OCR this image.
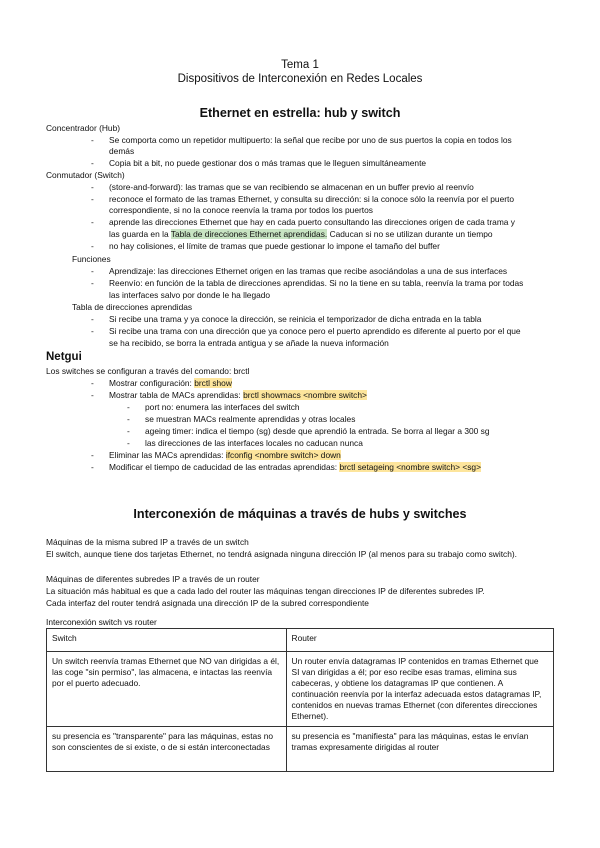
Tema 1
Dispositivos de Interconexión en Redes Locales
Ethernet en estrella: hub y switch
Concentrador (Hub)
- Se comporta como un repetidor multipuerto: la señal que recibe por uno de sus puertos la copia en todos los
demás
- Copia bit a bit, no puede gestionar dos o más tramas que le lleguen simultáneamente
Conmutador (Switch)
- (store-and-forward): las tramas que se van recibiendo se almacenan en un buffer previo al reenvío
- reconoce el formato de las tramas Ethernet, y consulta su dirección: si la conoce sólo la reenvía por el puerto
correspondiente, si no la conoce reenvía la trama por todos los puertos
- aprende las direcciones Ethernet que hay en cada puerto consultando las direcciones origen de cada trama y
las guarda en la Tabla de direcciones Ethernet aprendidas. Caducan si no se utilizan durante un tiempo
- no hay colisiones, el límite de tramas que puede gestionar lo impone el tamaño del buffer
Funciones
- Aprendizaje: las direcciones Ethernet origen en las tramas que recibe asociándolas a una de sus interfaces
- Reenvío: en función de la tabla de direcciones aprendidas. Si no la tiene en su tabla, reenvía la trama por todas
las interfaces salvo por donde le ha llegado
Tabla de direcciones aprendidas
- Si recibe una trama y ya conoce la dirección, se reinicia el temporizador de dicha entrada en la tabla
- Si recibe una trama con una dirección que ya conoce pero el puerto aprendido es diferente al puerto por el que
se ha recibido, se borra la entrada antigua y se añade la nueva información
Netgui
Los switches se configuran a través del comando: brctl
- Mostrar configuración: brctl show
- Mostrar tabla de MACs aprendidas: brctl showmacs <nombre switch>
- port no: enumera las interfaces del switch
- se muestran MACs realmente aprendidas y otras locales
- ageing timer: indica el tiempo (sg) desde que aprendió la entrada. Se borra al llegar a 300 sg
- las direcciones de las interfaces locales no caducan nunca
- Eliminar las MACs aprendidas: ifconfig <nombre switch> down
- Modificar el tiempo de caducidad de las entradas aprendidas: brctl setageing <nombre switch> <sg>
Interconexión de máquinas a través de hubs y switches
Máquinas de la misma subred IP a través de un switch
El switch, aunque tiene dos tarjetas Ethernet, no tendrá asignada ninguna dirección IP (al menos para su trabajo como switch).
Máquinas de diferentes subredes IP a través de un router
La situación más habitual es que a cada lado del router las máquinas tengan direcciones IP de diferentes subredes IP.
Cada interfaz del router tendrá asignada una dirección IP de la subred correspondiente
Interconexión switch vs router
Switch	Router
Un switch reenvía tramas Ethernet que NO van dirigidas a él, las coge "sin permiso", las almacena, e intactas las reenvía por el puerto adecuado.	Un router envía datagramas IP contenidos en tramas Ethernet que SI van dirigidas a él; por eso recibe esas tramas, elimina sus cabeceras, y obtiene los datagramas IP que contienen. A continuación reenvía por la interfaz adecuada estos datagramas IP, contenidos en nuevas tramas Ethernet (con diferentes direcciones Ethernet).
su presencia es "transparente" para las máquinas, estas no son conscientes de si existe, o de si están interconectadas	su presencia es "manifiesta" para las máquinas, estas le envían tramas expresamente dirigidas al router
